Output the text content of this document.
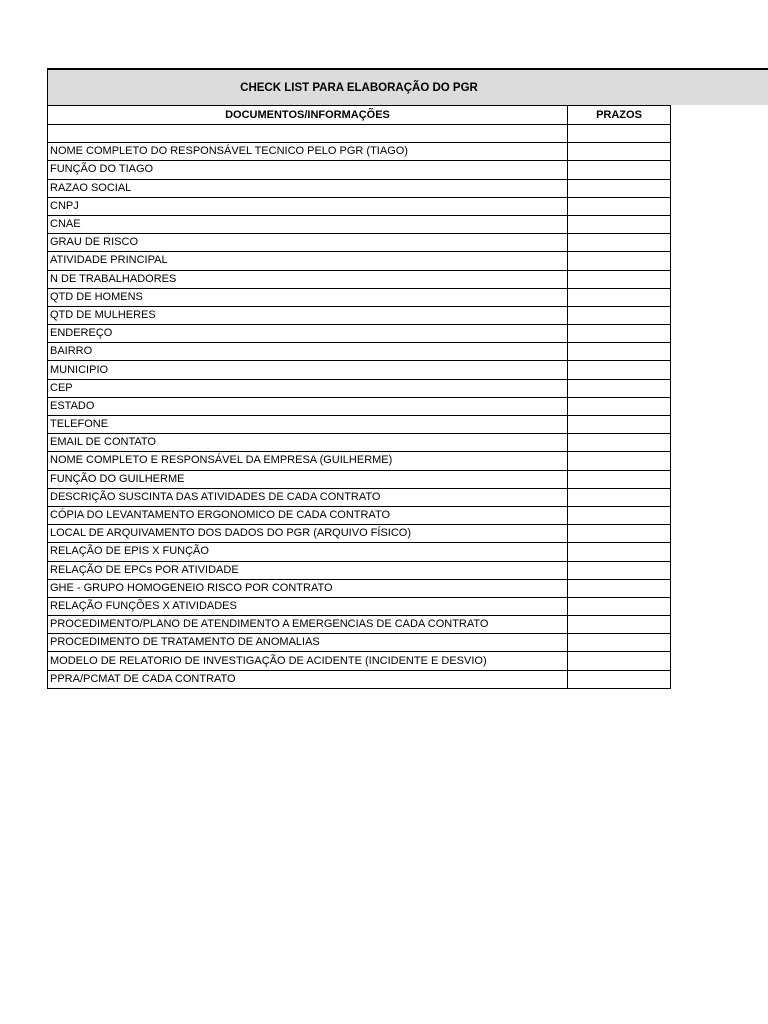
CHECK LIST PARA ELABORAÇÃO DO PGR
DOCUMENTOS/INFORMAÇÕES	PRAZOS

NOME COMPLETO DO RESPONSÁVEL TECNICO PELO PGR (TIAGO)	
FUNÇÃO DO TIAGO	
RAZAO SOCIAL	
CNPJ	
CNAE	
GRAU DE RISCO	
ATIVIDADE PRINCIPAL	
N DE TRABALHADORES	
QTD DE HOMENS	
QTD DE MULHERES	
ENDEREÇO	
BAIRRO	
MUNICIPIO	
CEP	
ESTADO	
TELEFONE	
EMAIL DE CONTATO	
NOME COMPLETO E RESPONSÁVEL DA EMPRESA (GUILHERME)	
FUNÇÃO DO GUILHERME	
DESCRIÇÃO SUSCINTA DAS ATIVIDADES DE CADA CONTRATO	
CÓPIA DO LEVANTAMENTO ERGONOMICO DE CADA CONTRATO	
LOCAL DE ARQUIVAMENTO DOS DADOS DO PGR (ARQUIVO FÍSICO)	
RELAÇÃO DE EPIS X FUNÇÃO	
RELAÇÃO DE EPCs POR ATIVIDADE	
GHE - GRUPO HOMOGENEIO RISCO POR CONTRATO	
RELAÇÃO FUNÇÕES X ATIVIDADES	
PROCEDIMENTO/PLANO DE ATENDIMENTO A EMERGENCIAS DE CADA CONTRATO	
PROCEDIMENTO DE TRATAMENTO DE ANOMALIAS	
MODELO DE RELATORIO DE INVESTIGAÇÃO DE ACIDENTE (INCIDENTE E DESVIO)	
PPRA/PCMAT DE CADA CONTRATO	
